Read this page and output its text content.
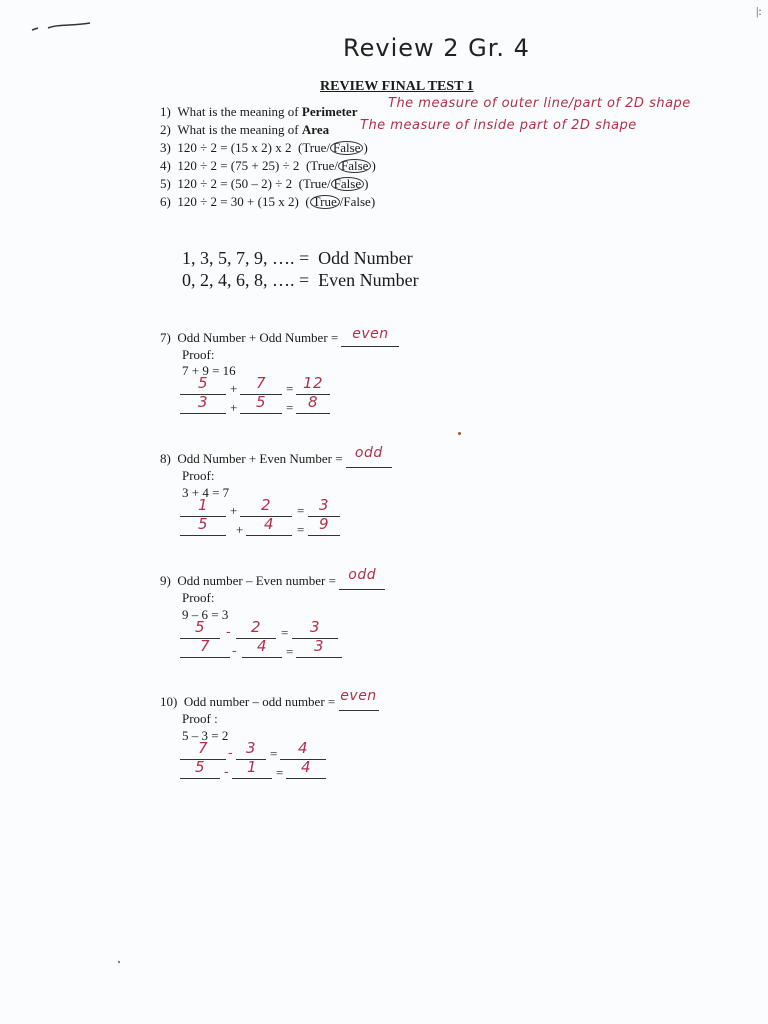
|:
Review 2 Gr. 4
REVIEW FINAL TEST 1
1) What is the meaning of Perimeter
The measure of outer line/part of 2D shape
2) What is the meaning of Area The measure of inside part of 2D shape
3) 120 ÷ 2 = (15 x 2) x 2  (True/ False )
4) 120 ÷ 2 = (75 + 25) ÷ 2  (True/ False )
5) 120 ÷ 2 = (50 – 2) ÷ 2  (True/ False )
6) 120 ÷ 2 = 30 + (15 x 2)  ( True /False)
1, 3, 5, 7, 9, …. = Odd Number
0, 2, 4, 6, 8, …. = Even Number
7) Odd Number + Odd Number = even
Proof:
7 + 9 = 16
5	+	7	= 12
3	+	5	= 8
8) Odd Number + Even Number = odd
Proof:
3 + 4 = 7
1	+	2	= 3
5	+	4	= 9
9) Odd number – Even number = odd
Proof:
9 – 6 = 3
5	-	2	=	3
7	-	4	=	3
10) Odd number – odd number = even
Proof :
5 – 3 = 2
7	- 3	=	4
5	-	1	=	4
